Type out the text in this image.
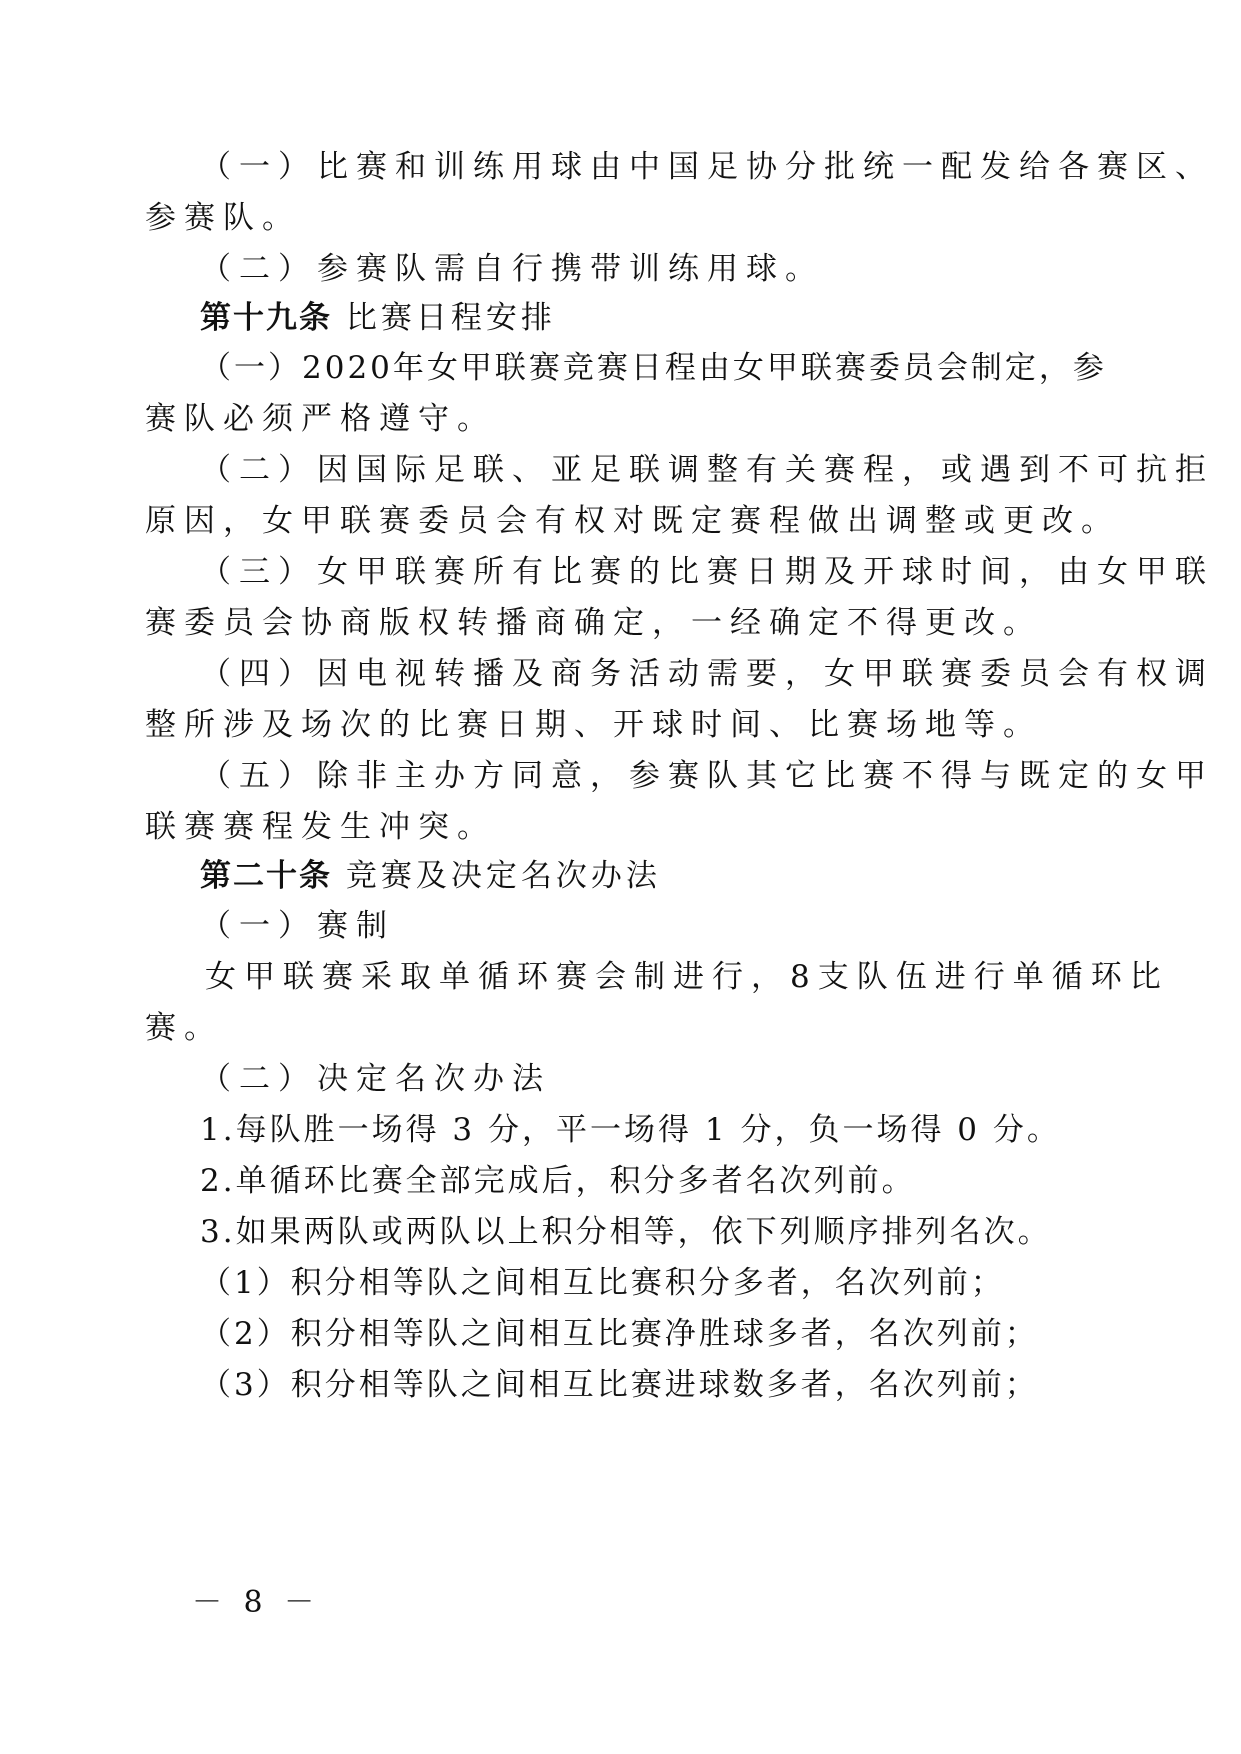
（一）比赛和训练用球由中国足协分批统一配发给各赛区、
参赛队。
（二）参赛队需自行携带训练用球。
第十九条 比赛日程安排
（一）2020年女甲联赛竞赛日程由女甲联赛委员会制定，参
赛队必须严格遵守。
（二）因国际足联、亚足联调整有关赛程，或遇到不可抗拒
原因，女甲联赛委员会有权对既定赛程做出调整或更改。
（三）女甲联赛所有比赛的比赛日期及开球时间，由女甲联
赛委员会协商版权转播商确定，一经确定不得更改。
（四）因电视转播及商务活动需要，女甲联赛委员会有权调
整所涉及场次的比赛日期、开球时间、比赛场地等。
（五）除非主办方同意，参赛队其它比赛不得与既定的女甲
联赛赛程发生冲突。
第二十条 竞赛及决定名次办法
（一）赛制
女甲联赛采取单循环赛会制进行，8支队伍进行单循环比
赛。
（二）决定名次办法
1.每队胜一场得 3 分，平一场得 1 分，负一场得 0 分。
2.单循环比赛全部完成后，积分多者名次列前。
3.如果两队或两队以上积分相等，依下列顺序排列名次。
（1）积分相等队之间相互比赛积分多者，名次列前；
（2）积分相等队之间相互比赛净胜球多者，名次列前；
（3）积分相等队之间相互比赛进球数多者，名次列前；
－ 8 －
